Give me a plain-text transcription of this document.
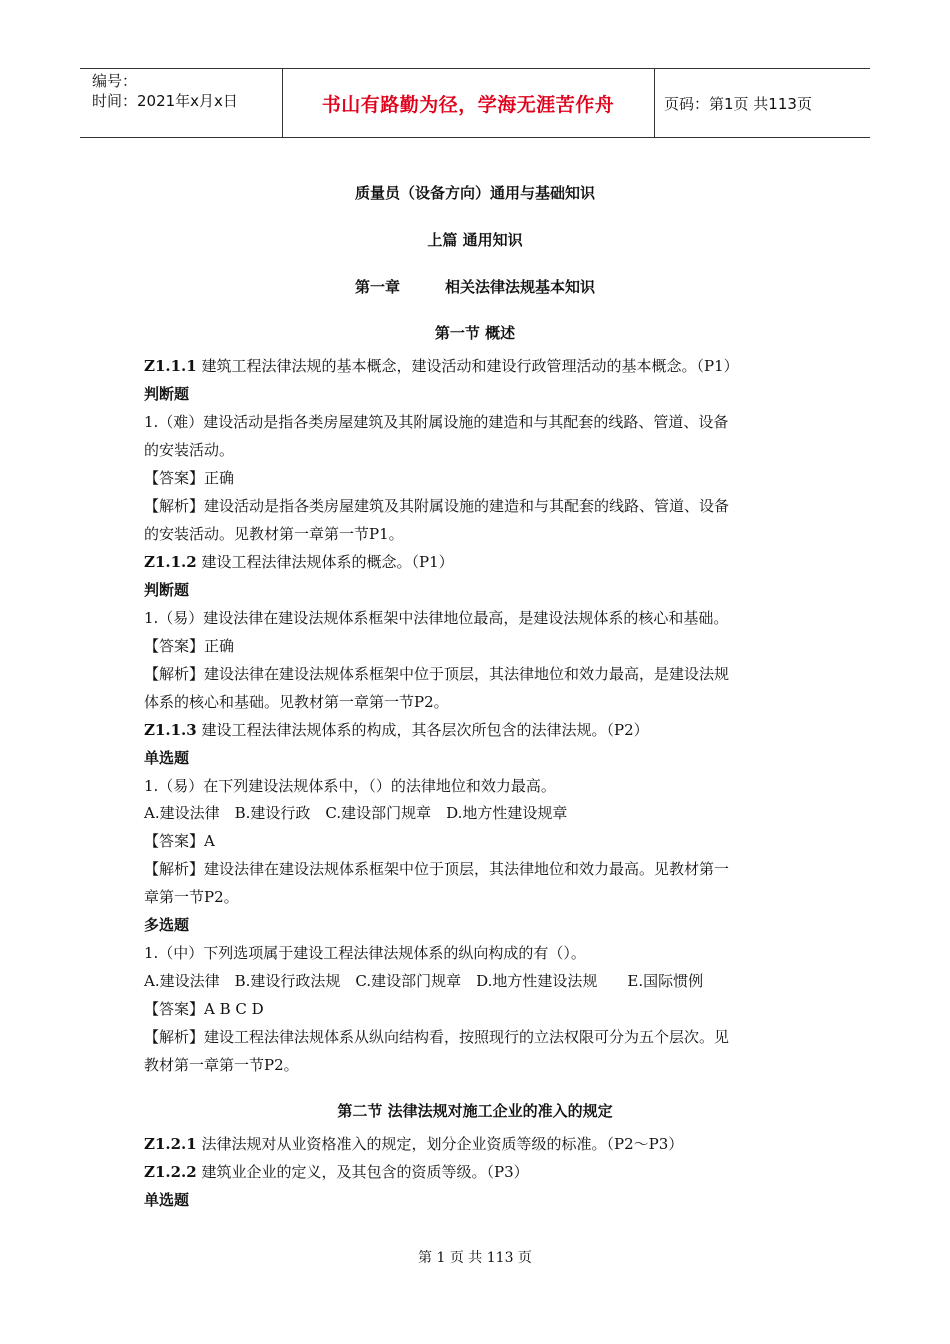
编号：
时间：2021年x月x日	书山有路勤为径，学海无涯苦作舟	页码：第1页 共113页
质量员（设备方向）通用与基础知识
上篇 通用知识
第一章　　　相关法律法规基本知识
第一节 概述
Z1.1.1 建筑工程法律法规的基本概念，建设活动和建设行政管理活动的基本概念。（P1）
判断题
1.（难）建设活动是指各类房屋建筑及其附属设施的建造和与其配套的线路、管道、设备
的安装活动。
【答案】正确
【解析】建设活动是指各类房屋建筑及其附属设施的建造和与其配套的线路、管道、设备
的安装活动。见教材第一章第一节P1。
Z1.1.2 建设工程法律法规体系的概念。（P1）
判断题
1.（易）建设法律在建设法规体系框架中法律地位最高，是建设法规体系的核心和基础。
【答案】正确
【解析】建设法律在建设法规体系框架中位于顶层，其法律地位和效力最高，是建设法规
体系的核心和基础。见教材第一章第一节P2。
Z1.1.3 建设工程法律法规体系的构成，其各层次所包含的法律法规。（P2）
单选题
1.（易）在下列建设法规体系中，（）的法律地位和效力最高。
A.建设法律　B.建设行政　C.建设部门规章　D.地方性建设规章
【答案】A
【解析】建设法律在建设法规体系框架中位于顶层，其法律地位和效力最高。见教材第一
章第一节P2。
多选题
1.（中）下列选项属于建设工程法律法规体系的纵向构成的有（）。
A.建设法律　B.建设行政法规　C.建设部门规章　D.地方性建设法规　　E.国际惯例
【答案】A B C D
【解析】建设工程法律法规体系从纵向结构看，按照现行的立法权限可分为五个层次。见
教材第一章第一节P2。
第二节 法律法规对施工企业的准入的规定
Z1.2.1 法律法规对从业资格准入的规定，划分企业资质等级的标准。（P2～P3）
Z1.2.2 建筑业企业的定义，及其包含的资质等级。（P3）
单选题
第 1 页 共 113 页
